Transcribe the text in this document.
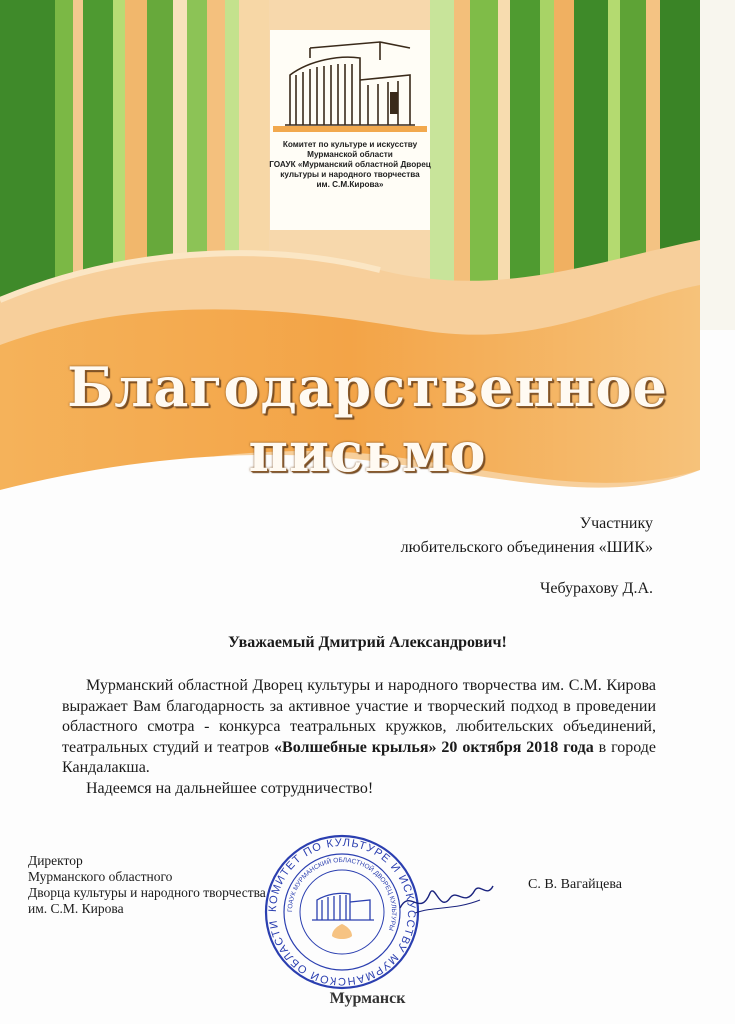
Комитет по культуре и искусству
Мурманской области
ГОАУК «Мурманский областной Дворец
культуры и народного творчества
им. С.М.Кирова»
Благодарственное
письмо
Участнику
любительского объединения «ШИК»
Чебурахову Д.А.
Уважаемый Дмитрий Александрович!

Мурманский областной Дворец культуры и народного творчества им. С.М. Кирова выражает Вам благодарность за активное участие и творческий подход в проведении областного смотра - конкурса театральных кружков, любительских объединений, театральных студий и театров «Волшебные крылья» 20 октября 2018 года в городе Кандалакша.

Надеемся на дальнейшее сотрудничество!

КОМИТЕТ ПО КУЛЬТУРЕ И ИСКУССТВУ МУРМАНСКОЙ ОБЛАСТИ
ГОАУК МУРМАНСКИЙ ОБЛАСТНОЙ ДВОРЕЦ КУЛЬТУРЫ
Директор
Мурманского областного
Дворца культуры и народного творчества
им. С.М. Кирова
С. В. Вагайцева
Мурманск
